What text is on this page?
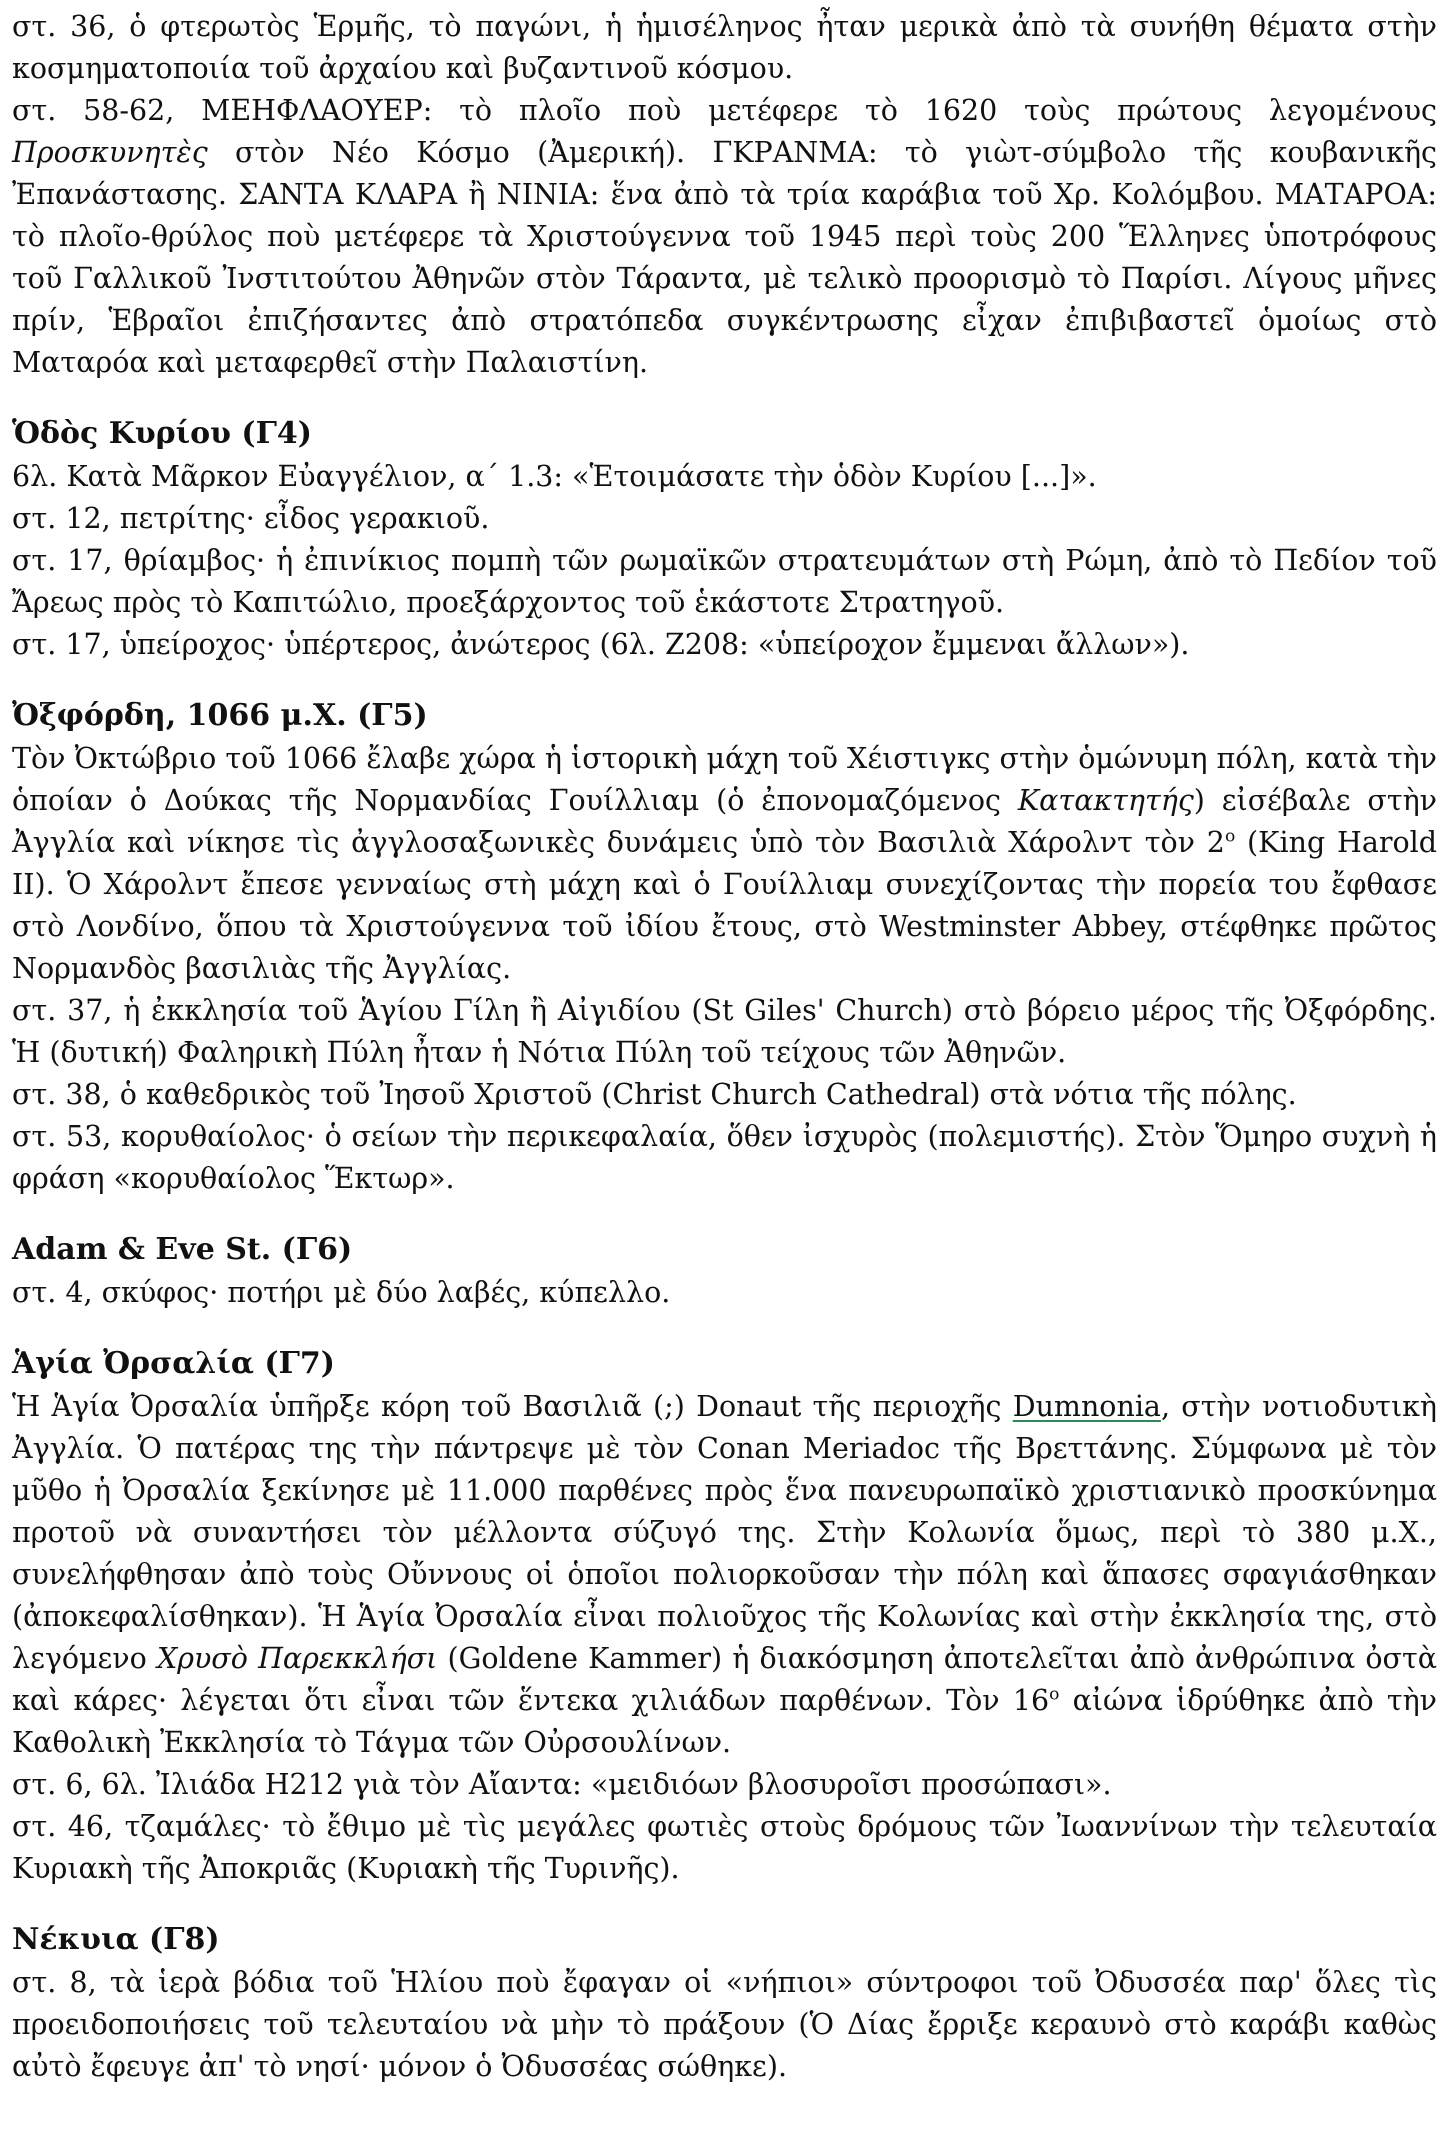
στ. 36, ὁ φτερωτὸς Ἑρμῆς, τὸ παγώνι, ἡ ἡμισέληνος ἦταν μερικὰ ἀπὸ τὰ συνήθη θέματα στὴν κοσμηματοποιία τοῦ ἀρχαίου καὶ βυζαντινοῦ κόσμου.

στ. 58-62, ΜΕΗΦΛΑΟΥΕΡ: τὸ πλοῖο ποὺ μετέφερε τὸ 1620 τοὺς πρώτους λεγομένους Προσκυνητὲς στὸν Νέο Κόσμο (Ἀμερική). ΓΚΡΑΝΜΑ: τὸ γιὼτ-σύμβολο τῆς κουβανικῆς Ἐπανάστασης. ΣΑΝΤΑ ΚΛΑΡΑ ἢ ΝΙΝΙΑ: ἕνα ἀπὸ τὰ τρία καράβια τοῦ Χρ. Κολόμβου. ΜΑΤΑΡΟΑ: τὸ πλοῖο-θρύλος ποὺ μετέφερε τὰ Χριστούγεννα τοῦ 1945 περὶ τοὺς 200 Ἕλληνες ὑποτρόφους τοῦ Γαλλικοῦ Ἰνστιτούτου Ἀθηνῶν στὸν Τάραντα, μὲ τελικὸ προορισμὸ τὸ Παρίσι. Λίγους μῆνες πρίν, Ἑβραῖοι ἐπιζήσαντες ἀπὸ στρατόπεδα συγκέντρωσης εἶχαν ἐπιβιβαστεῖ ὁμοίως στὸ Ματαρόα καὶ μεταφερθεῖ στὴν Παλαιστίνη.

Ὁδὸς Κυρίου (Γ4)

6λ. Κατὰ Μᾶρκον Εὐαγγέλιον, α΄ 1.3: «Ἑτοιμάσατε τὴν ὁδὸν Κυρίου [...]».

στ. 12, πετρίτης· εἶδος γερακιοῦ.

στ. 17, θρίαμβος· ἡ ἐπινίκιος πομπὴ τῶν ρωμαϊκῶν στρατευμάτων στὴ Ρώμη, ἀπὸ τὸ Πεδίον τοῦ Ἄρεως πρὸς τὸ Καπιτώλιο, προεξάρχοντος τοῦ ἑκάστοτε Στρατηγοῦ.

στ. 17, ὑπείροχος· ὑπέρτερος, ἀνώτερος (6λ. Ζ208: «ὑπείροχον ἔμμεναι ἄλλων»).

Ὀξφόρδη, 1066 μ.Χ. (Γ5)

Τὸν Ὀκτώβριο τοῦ 1066 ἔλαβε χώρα ἡ ἱστορικὴ μάχη τοῦ Χέιστιγκς στὴν ὁμώνυμη πόλη, κατὰ τὴν ὁποίαν ὁ Δούκας τῆς Νορμανδίας Γουίλλιαμ (ὁ ἐπονομαζόμενος Κατακτητής) εἰσέβαλε στὴν Ἀγγλία καὶ νίκησε τὶς ἀγγλοσαξωνικὲς δυνάμεις ὑπὸ τὸν Βασιλιὰ Χάρολντ τὸν $2^o$ (King Harold II). Ὁ Χάρολντ ἔπεσε γενναίως στὴ μάχη καὶ ὁ Γουίλλιαμ συνεχίζοντας τὴν πορεία του ἔφθασε στὸ Λονδίνο, ὅπου τὰ Χριστούγεννα τοῦ ἰδίου ἔτους, στὸ Westminster Abbey, στέφθηκε πρῶτος Νορμανδὸς βασιλιὰς τῆς Ἀγγλίας.

στ. 37, ἡ ἐκκλησία τοῦ Ἁγίου Γίλη ἢ Αἰγιδίου (St Giles' Church) στὸ βόρειο μέρος τῆς Ὀξφόρδης. Ἡ (δυτική) Φαληρικὴ Πύλη ἦταν ἡ Νότια Πύλη τοῦ τείχους τῶν Ἀθηνῶν.

στ. 38, ὁ καθεδρικὸς τοῦ Ἰησοῦ Χριστοῦ (Christ Church Cathedral) στὰ νότια τῆς πόλης.

στ. 53, κορυθαίολος· ὁ σείων τὴν περικεφαλαία, ὅθεν ἰσχυρὸς (πολεμιστής). Στὸν Ὅμηρο συχνὴ ἡ φράση «κορυθαίολος Ἕκτωρ».

Adam & Eve St. (Γ6)

στ. 4, σκύφος· ποτήρι μὲ δύο λαβές, κύπελλο.

Ἁγία Ὀρσαλία (Γ7)

Ἡ Ἁγία Ὀρσαλία ὑπῆρξε κόρη τοῦ Βασιλιᾶ (;) Donaut τῆς περιοχῆς Dumnonia, στὴν νοτιοδυτικὴ Ἀγγλία. Ὁ πατέρας της τὴν πάντρεψε μὲ τὸν Conan Meriadoc τῆς Βρεττάνης. Σύμφωνα μὲ τὸν μῦθο ἡ Ὀρσαλία ξεκίνησε μὲ 11.000 παρθένες πρὸς ἕνα πανευρωπαϊκὸ χριστιανικὸ προσκύνημα προτοῦ νὰ συναντήσει τὸν μέλλοντα σύζυγό της. Στὴν Κολωνία ὅμως, περὶ τὸ 380 μ.Χ., συνελήφθησαν ἀπὸ τοὺς Οὔννους οἱ ὁποῖοι πολιορκοῦσαν τὴν πόλη καὶ ἅπασες σφαγιάσθηκαν (ἀποκεφαλίσθηκαν). Ἡ Ἁγία Ὀρσαλία εἶναι πολιοῦχος τῆς Κολωνίας καὶ στὴν ἐκκλησία της, στὸ λεγόμενο Χρυσὸ Παρεκκλήσι (Goldene Kammer) ἡ διακόσμηση ἀποτελεῖται ἀπὸ ἀνθρώπινα ὀστὰ καὶ κάρες· λέγεται ὅτι εἶναι τῶν ἕντεκα χιλιάδων παρθένων. Τὸν $16^o$ αἰώνα ἱδρύθηκε ἀπὸ τὴν Καθολικὴ Ἐκκλησία τὸ Τάγμα τῶν Οὐρσουλίνων.

στ. 6, 6λ. Ἰλιάδα Η212 γιὰ τὸν Αἴαντα: «μειδιόων βλοσυροῖσι προσώπασι».

στ. 46, τζαμάλες· τὸ ἔθιμο μὲ τὶς μεγάλες φωτιὲς στοὺς δρόμους τῶν Ἰωαννίνων τὴν τελευταία Κυριακὴ τῆς Ἀποκριᾶς (Κυριακὴ τῆς Τυρινῆς).

Νέκυια (Γ8)

στ. 8, τὰ ἱερὰ βόδια τοῦ Ἡλίου ποὺ ἔφαγαν οἱ «νήπιοι» σύντροφοι τοῦ Ὀδυσσέα παρ' ὅλες τὶς προειδοποιήσεις τοῦ τελευταίου νὰ μὴν τὸ πράξουν (Ὁ Δίας ἔρριξε κεραυνὸ στὸ καράβι καθὼς αὐτὸ ἔφευγε ἀπ' τὸ νησί· μόνον ὁ Ὀδυσσέας σώθηκε).
